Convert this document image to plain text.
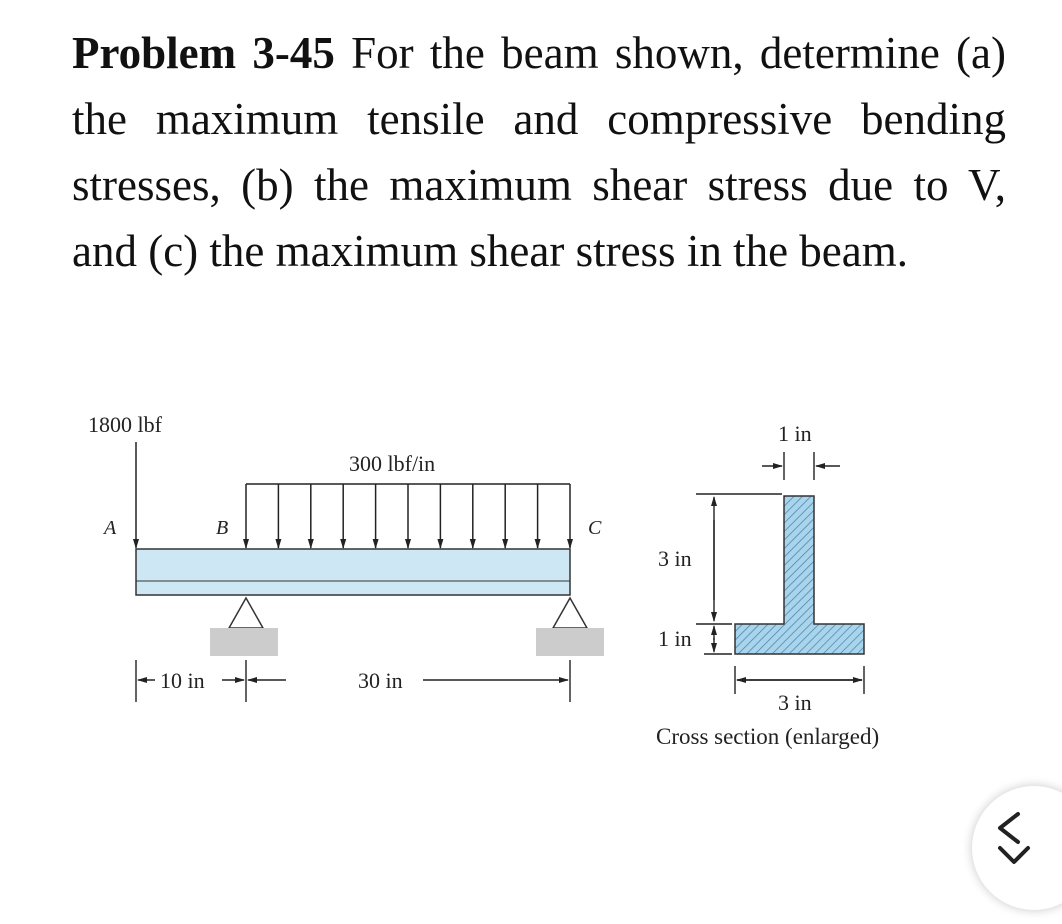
Problem 3-45 For the beam shown, determine (a) the maximum tensile and compressive bending stresses, (b) the maximum shear stress due to V, and (c) the maximum shear stress in the beam.
1800 lbf
300 lbf/in
A	B	C
10 in	30 in
1 in
3 in
1 in
3 in
Cross section (enlarged)
